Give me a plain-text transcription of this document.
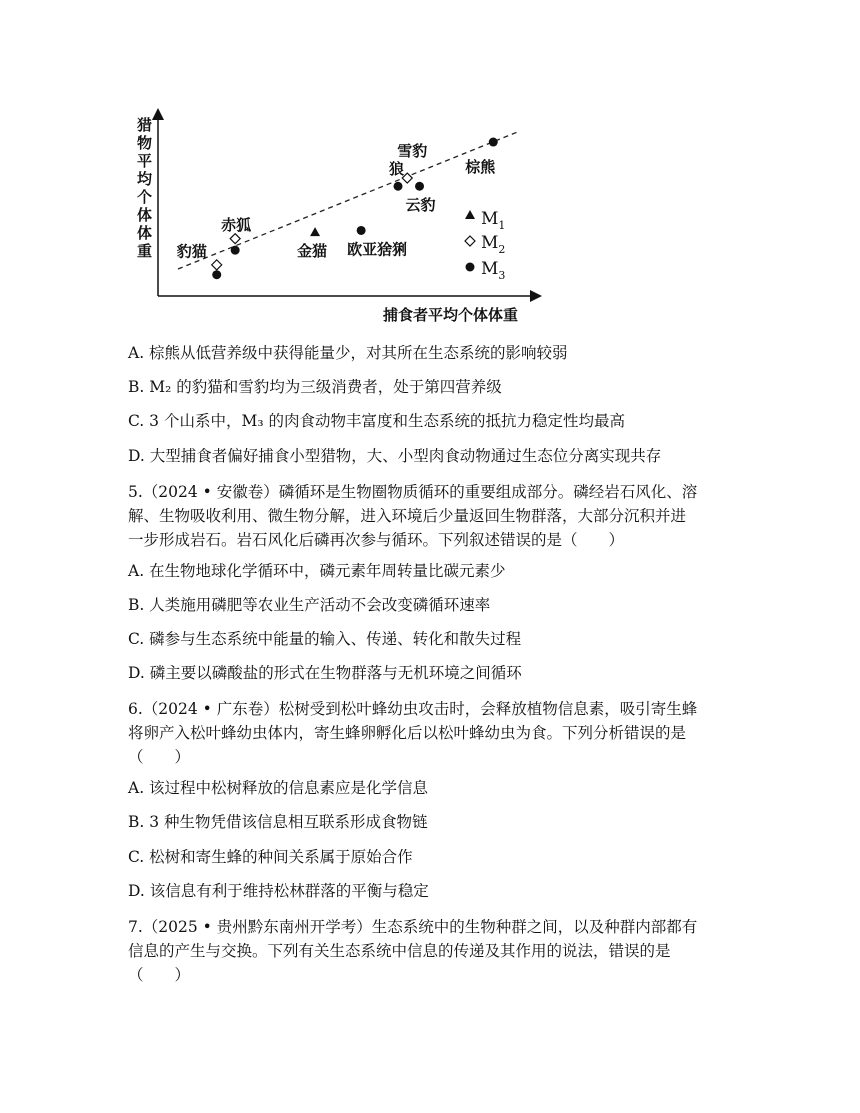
猎
物
平
均
个
体
体
重
捕食者平均个体体重
豹猫
赤狐
金猫 欧亚猞猁
狼
雪豹
云豹
棕熊
$M_1$
$M_2$
$M_3$
A. 棕熊从低营养级中获得能量少，对其所在生态系统的影响较弱
B. M₂ 的豹猫和雪豹均为三级消费者，处于第四营养级
C. 3 个山系中，M₃ 的肉食动物丰富度和生态系统的抵抗力稳定性均最高
D. 大型捕食者偏好捕食小型猎物，大、小型肉食动物通过生态位分离实现共存
5.（2024 • 安徽卷）磷循环是生物圈物质循环的重要组成部分。磷经岩石风化、溶
解、生物吸收利用、微生物分解，进入环境后少量返回生物群落，大部分沉积并进
一步形成岩石。岩石风化后磷再次参与循环。下列叙述错误的是（　　）
A. 在生物地球化学循环中，磷元素年周转量比碳元素少
B. 人类施用磷肥等农业生产活动不会改变磷循环速率
C. 磷参与生态系统中能量的输入、传递、转化和散失过程
D. 磷主要以磷酸盐的形式在生物群落与无机环境之间循环
6.（2024 • 广东卷）松树受到松叶蜂幼虫攻击时，会释放植物信息素，吸引寄生蜂
将卵产入松叶蜂幼虫体内，寄生蜂卵孵化后以松叶蜂幼虫为食。下列分析错误的是
（　　）
A. 该过程中松树释放的信息素应是化学信息
B. 3 种生物凭借该信息相互联系形成食物链
C. 松树和寄生蜂的种间关系属于原始合作
D. 该信息有利于维持松林群落的平衡与稳定
7.（2025 • 贵州黔东南州开学考）生态系统中的生物种群之间，以及种群内部都有
信息的产生与交换。下列有关生态系统中信息的传递及其作用的说法，错误的是
（　　）
